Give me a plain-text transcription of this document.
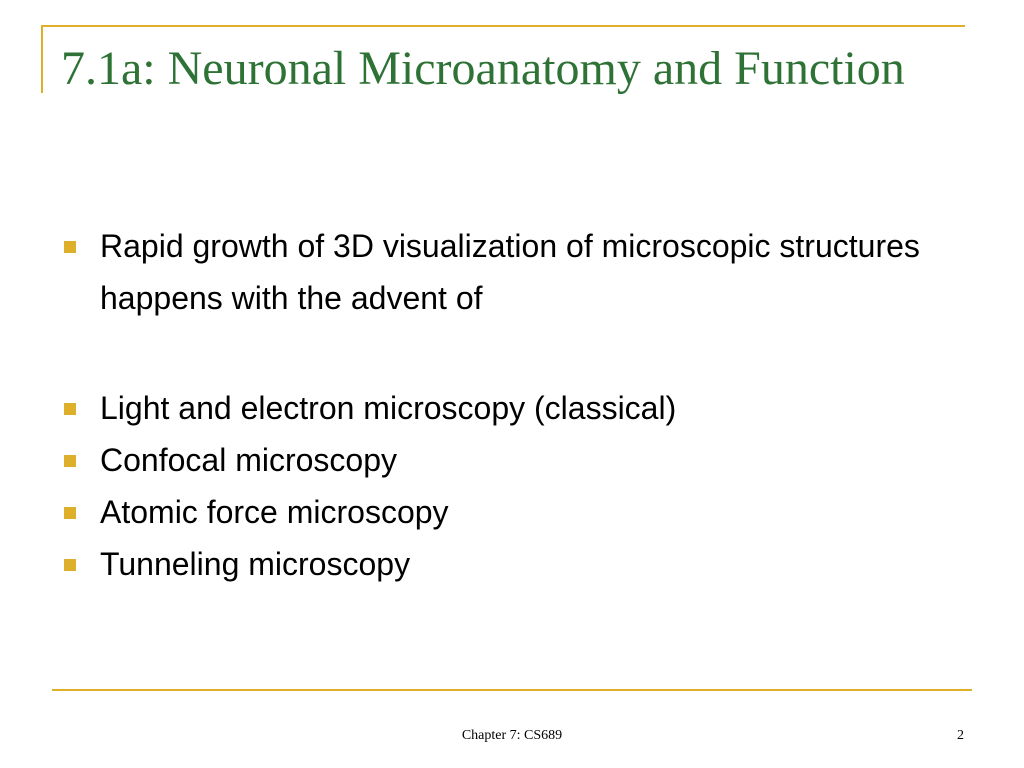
7.1a: Neuronal Microanatomy and Function
Rapid growth of 3D visualization of microscopic structures happens with the advent of
Light and electron microscopy (classical)
Confocal microscopy
Atomic force microscopy
Tunneling microscopy
Chapter 7: CS689	2
